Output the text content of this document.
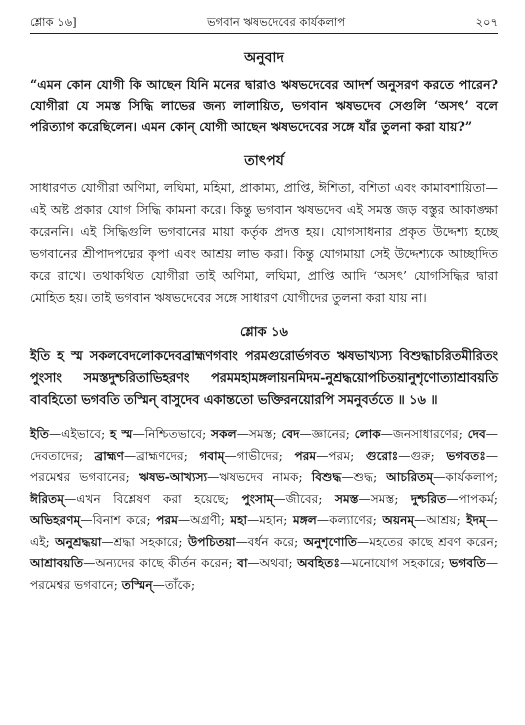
শ্লোক ১৬]	ভগবান ঋষভদেবের কার্যকলাপ	২০৭
অনুবাদ
“এমন কোন যোগী কি আছেন যিনি মনের দ্বারাও ঋষভদেবের আদর্শ অনুসরণ করতে পারেন? যোগীরা যে সমস্ত সিদ্ধি লাভের জন্য লালায়িত, ভগবান ঋষভদেব সেগুলি ‘অসৎ’ বলে পরিত্যাগ করেছিলেন। এমন কোন্ যোগী আছেন ঋষভদেবের সঙ্গে যাঁর তুলনা করা যায়?”
তাৎপর্য
সাধারণত যোগীরা অণিমা, লঘিমা, মহিমা, প্রাকাম্য, প্রাপ্তি, ঈশিতা, বশিতা এবং কামাবশায়িতা—এই অষ্ট প্রকার যোগ সিদ্ধি কামনা করে। কিন্তু ভগবান ঋষভদেব এই সমস্ত জড় বস্তুর আকাঙ্ক্ষা করেননি। এই সিদ্ধিগুলি ভগবানের মায়া কর্তৃক প্রদত্ত হয়। যোগসাধনার প্রকৃত উদ্দেশ্য হচ্ছে ভগবানের শ্রীপাদপদ্মের কৃপা এবং আশ্রয় লাভ করা। কিন্তু যোগমায়া সেই উদ্দেশ্যকে আচ্ছাদিত করে রাখে। তথাকথিত যোগীরা তাই অণিমা, লঘিমা, প্রাপ্তি আদি ‘অসৎ’ যোগসিদ্ধির দ্বারা মোহিত হয়। তাই ভগবান ঋষভদেবের সঙ্গে সাধারণ যোগীদের তুলনা করা যায় না।
শ্লোক ১৬
ইতি হ স্ম সকলবেদলোকদেবব্রাহ্মণগবাং পরমগুরোর্ভগবত ঋষভাখ্যস্য বিশুদ্ধাচরিতমীরিতং পুংসাং সমস্তদুশ্চরিতাভিহরণং পরমমহামঙ্গলায়নমিদম-নুশ্রদ্ধয়োপচিতয়ানুশৃণোত্যাশ্রাবয়তি বাবহিতো ভগবতি তস্মিন্ বাসুদেব একান্ততো ভক্তিরনয়োরপি সমনুবর্ততে ॥ ১৬ ॥
ইতি—এইভাবে; হ স্ম—নিশ্চিতভাবে; সকল—সমস্ত; বেদ—জ্ঞানের; লোক—জনসাধারণের; দেব—দেবতাদের; ব্রাহ্মণ—ব্রাহ্মণদের; গবাম্—গাভীদের; পরম—পরম; গুরোঃ—গুরু; ভগবতঃ—পরমেশ্বর ভগবানের; ঋষভ-আখ্যস্য—ঋষভদেব নামক; বিশুদ্ধ—শুদ্ধ; আচরিতম্—কার্যকলাপ; ঈরিতম্—এখন বিশ্লেষণ করা হয়েছে; পুংসাম্—জীবের; সমস্ত—সমস্ত; দুশ্চরিত—পাপকর্ম; অভিহরণম্—বিনাশ করে; পরম—অগ্রণী; মহা—মহান; মঙ্গল—কল্যাণের; অয়নম্—আশ্রয়; ইদম্—এই; অনুশ্রদ্ধয়া—শ্রদ্ধা সহকারে; উপচিতয়া—বর্ধন করে; অনুশৃণোতি—মহতের কাছে শ্রবণ করেন; আশ্রাবয়তি—অন্যদের কাছে কীর্তন করেন; বা—অথবা; অবহিতঃ—মনোযোগ সহকারে; ভগবতি—পরমেশ্বর ভগবানে; তস্মিন্—তাঁকে;
